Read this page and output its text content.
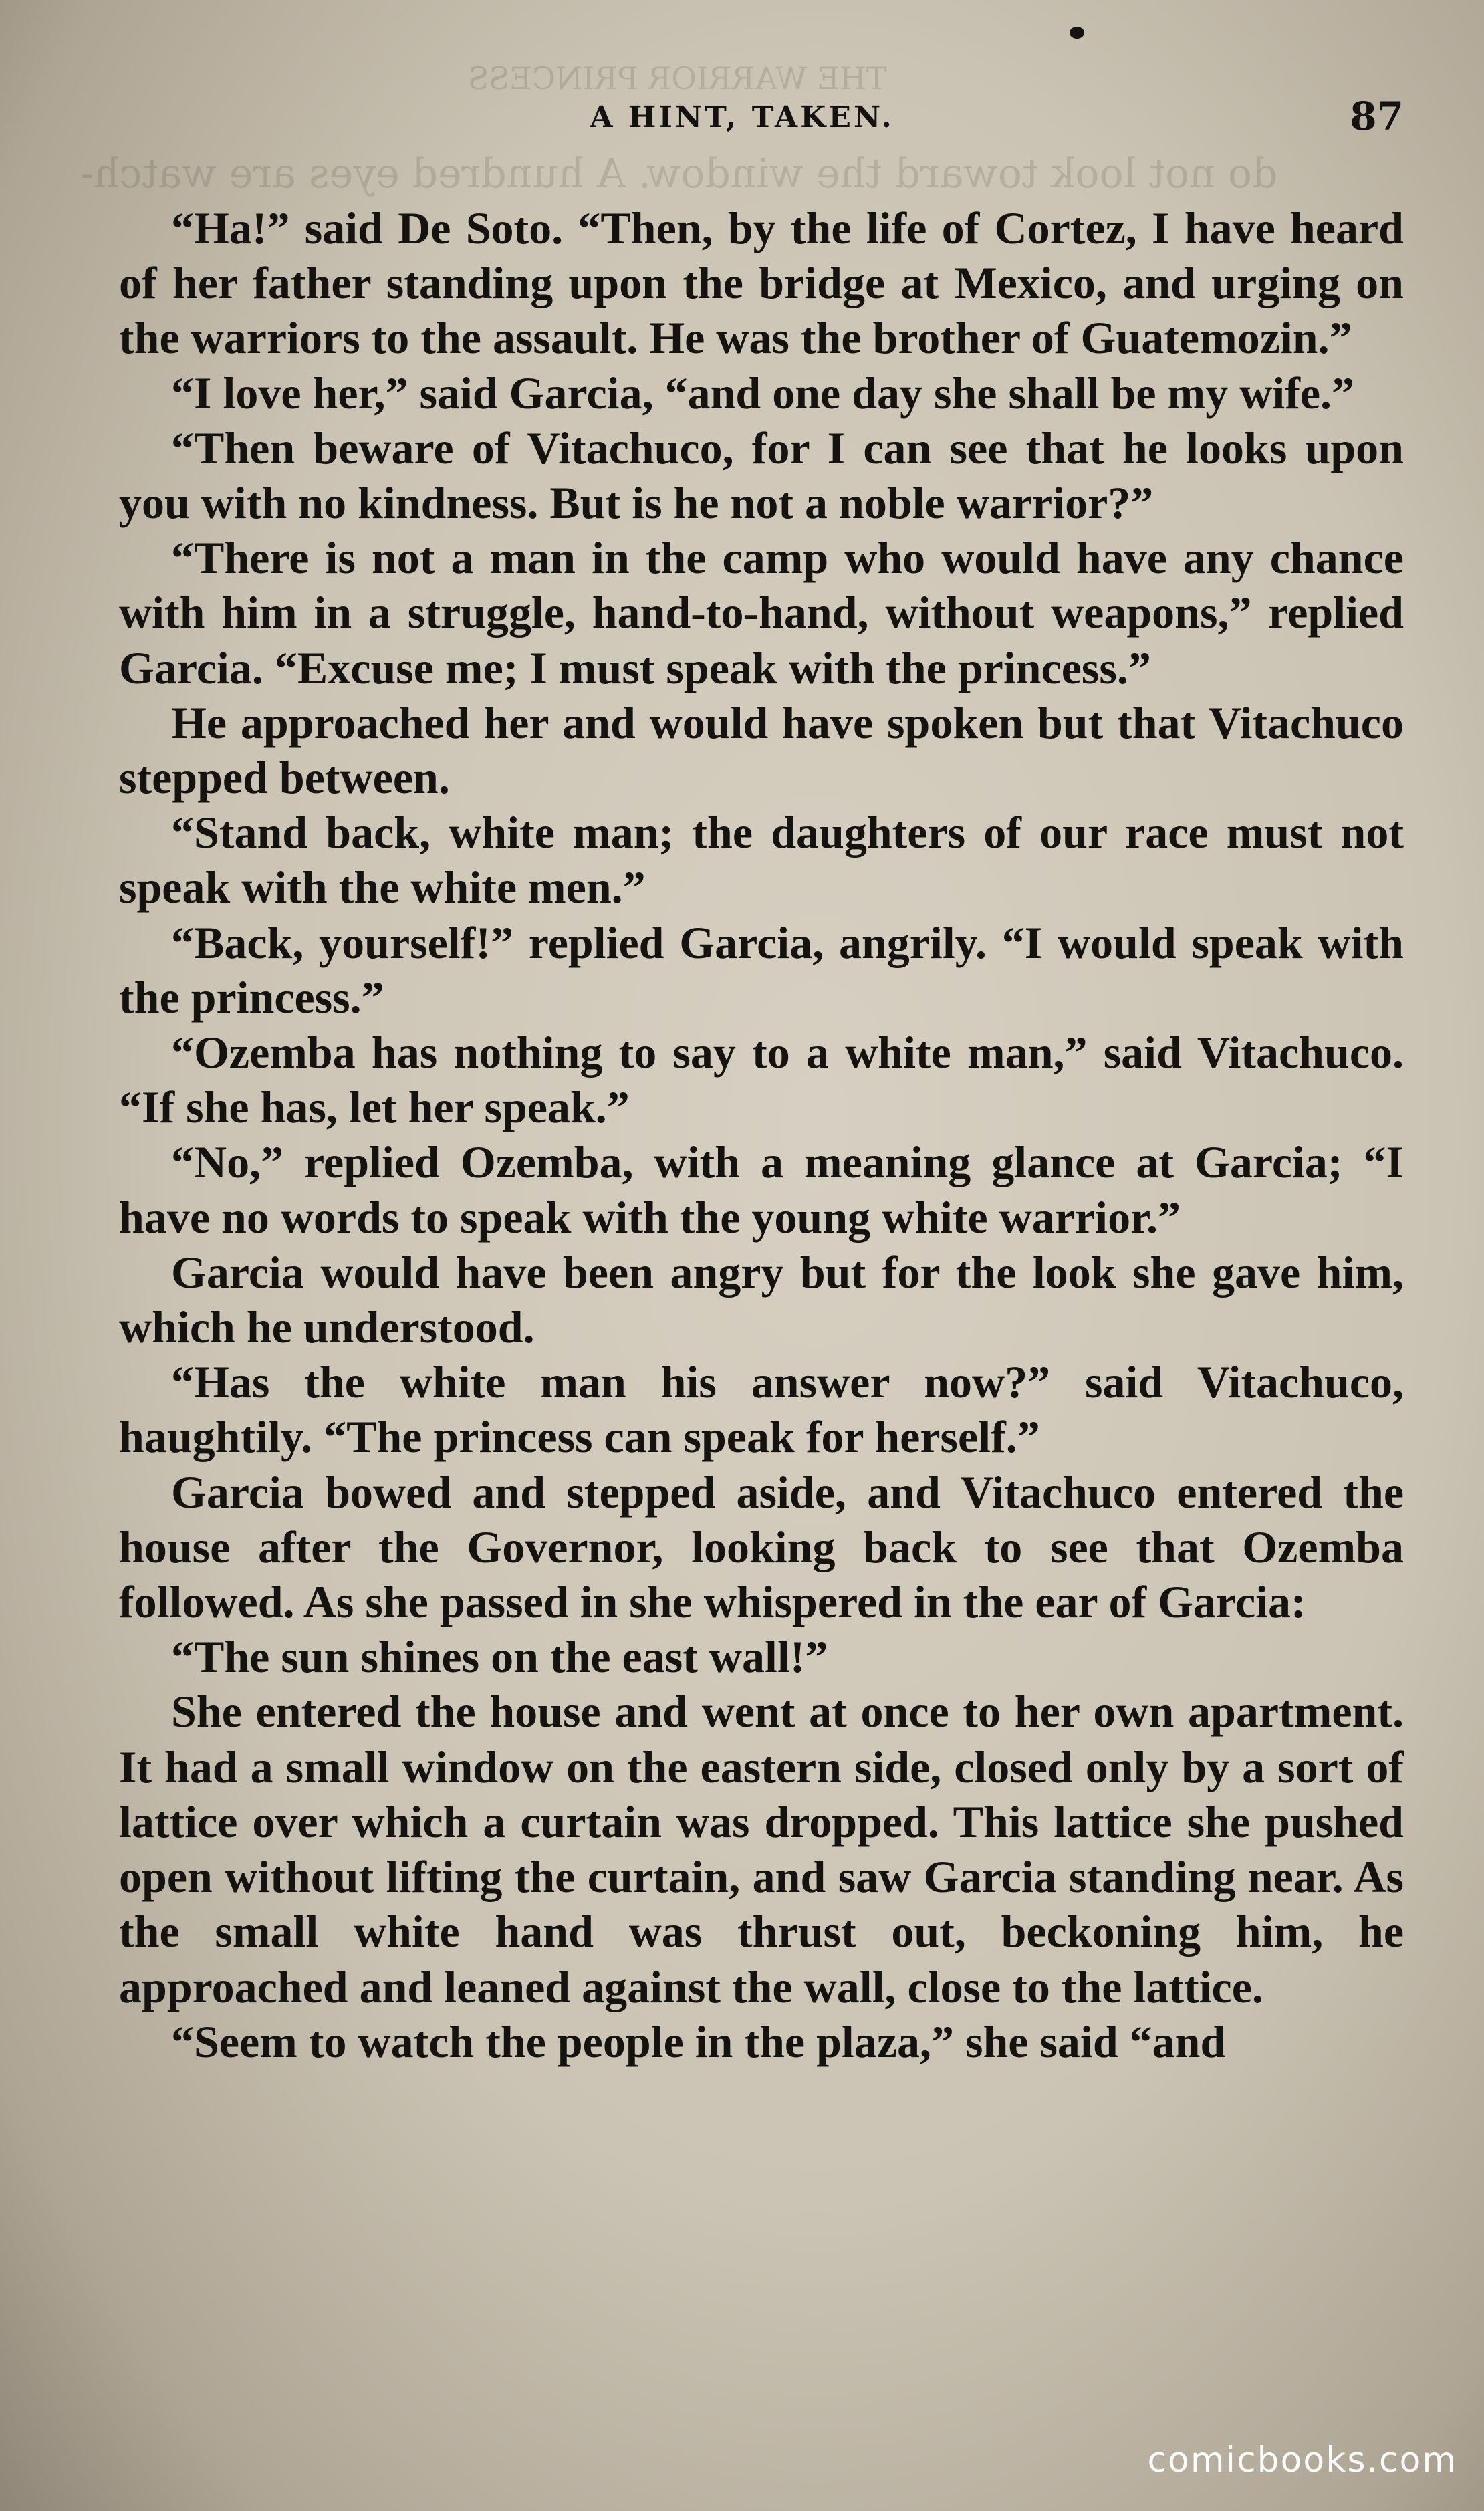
THE WARRIOR PRINCESS
do not look toward the window. A hundred eyes are watch-
A HINT, TAKEN.	87

“Ha!” said De Soto. “Then, by the life of Cortez, I have heard of her father standing upon the bridge at Mexico, and urging on the warriors to the assault. He was the brother of Guatemozin.”

“I love her,” said Garcia, “and one day she shall be my wife.”

“Then beware of Vitachuco, for I can see that he looks upon you with no kindness. But is he not a noble warrior?”

“There is not a man in the camp who would have any chance with him in a struggle, hand-to-hand, without weapons,” replied Garcia. “Excuse me; I must speak with the princess.”

He approached her and would have spoken but that Vitachuco stepped between.

“Stand back, white man; the daughters of our race must not speak with the white men.”

“Back, yourself!” replied Garcia, angrily. “I would speak with the princess.”

“Ozemba has nothing to say to a white man,” said Vitachuco. “If she has, let her speak.”

“No,” replied Ozemba, with a meaning glance at Garcia; “I have no words to speak with the young white warrior.”

Garcia would have been angry but for the look she gave him, which he understood.

“Has the white man his answer now?” said Vitachuco, haughtily. “The princess can speak for herself.”

Garcia bowed and stepped aside, and Vitachuco entered the house after the Governor, looking back to see that Ozemba followed. As she passed in she whispered in the ear of Garcia:

“The sun shines on the east wall!”

She entered the house and went at once to her own apartment. It had a small window on the eastern side, closed only by a sort of lattice over which a curtain was dropped. This lattice she pushed open without lifting the curtain, and saw Garcia standing near. As the small white hand was thrust out, beckoning him, he approached and leaned against the wall, close to the lattice.

“Seem to watch the people in the plaza,” she said “and

comicbooks.com
